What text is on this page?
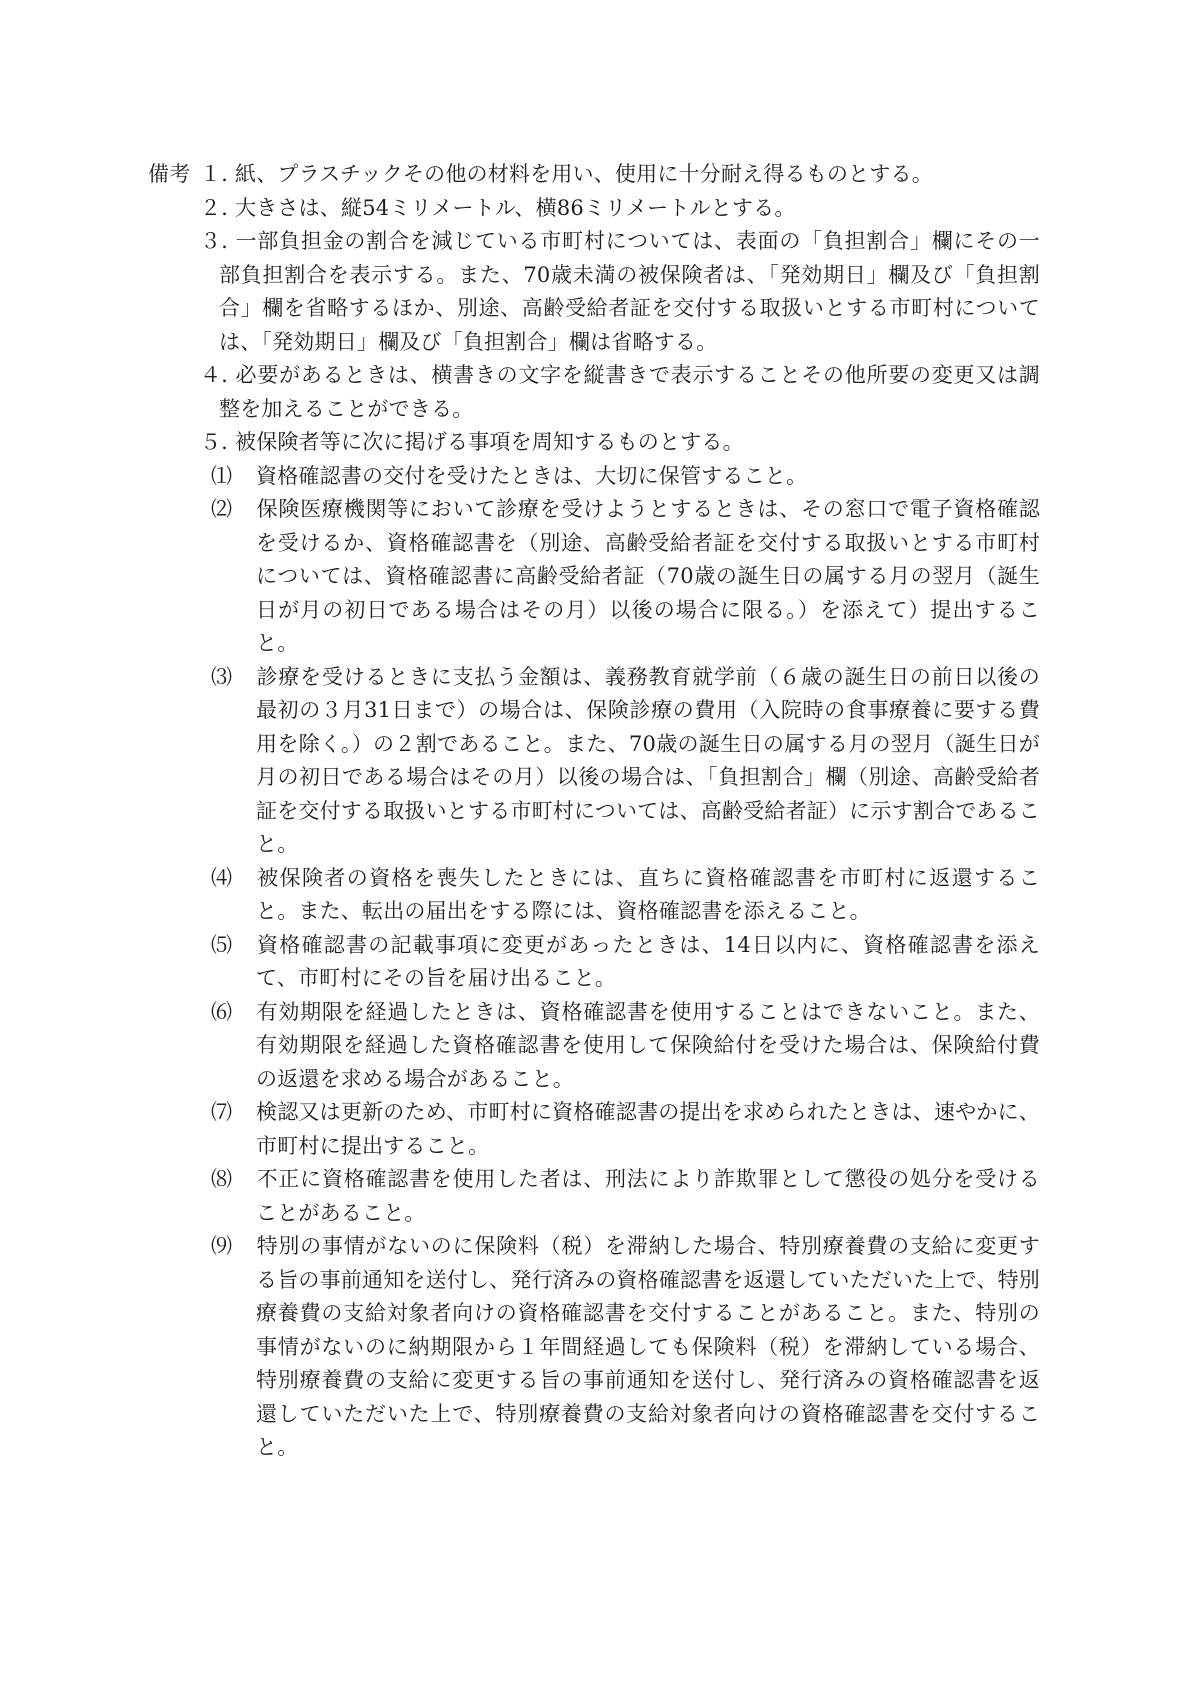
備考 １．紙、プラスチックその他の材料を用い、使用に十分耐え得るものとする。

２．大きさは、縦54ミリメートル、横86ミリメートルとする。

３．一部負担金の割合を減じている市町村については、表面の「負担割合」欄にその一部負担割合を表示する。また、70歳未満の被保険者は、「発効期日」欄及び「負担割合」欄を省略するほか、別途、高齢受給者証を交付する取扱いとする市町村については、「発効期日」欄及び「負担割合」欄は省略する。

４．必要があるときは、横書きの文字を縦書きで表示することその他所要の変更又は調整を加えることができる。

５．被保険者等に次に掲げる事項を周知するものとする。

⑴ 資格確認書の交付を受けたときは、大切に保管すること。

⑵ 保険医療機関等において診療を受けようとするときは、その窓口で電子資格確認を受けるか、資格確認書を（別途、高齢受給者証を交付する取扱いとする市町村については、資格確認書に高齢受給者証（70歳の誕生日の属する月の翌月（誕生日が月の初日である場合はその月）以後の場合に限る。）を添えて）提出すること。

⑶ 診療を受けるときに支払う金額は、義務教育就学前（６歳の誕生日の前日以後の最初の３月31日まで）の場合は、保険診療の費用（入院時の食事療養に要する費用を除く。）の２割であること。また、70歳の誕生日の属する月の翌月（誕生日が月の初日である場合はその月）以後の場合は、「負担割合」欄（別途、高齢受給者証を交付する取扱いとする市町村については、高齢受給者証）に示す割合であること。

⑷ 被保険者の資格を喪失したときには、直ちに資格確認書を市町村に返還すること。また、転出の届出をする際には、資格確認書を添えること。

⑸ 資格確認書の記載事項に変更があったときは、14日以内に、資格確認書を添えて、市町村にその旨を届け出ること。

⑹ 有効期限を経過したときは、資格確認書を使用することはできないこと。また、有効期限を経過した資格確認書を使用して保険給付を受けた場合は、保険給付費の返還を求める場合があること。

⑺ 検認又は更新のため、市町村に資格確認書の提出を求められたときは、速やかに、市町村に提出すること。

⑻ 不正に資格確認書を使用した者は、刑法により詐欺罪として懲役の処分を受けることがあること。

⑼ 特別の事情がないのに保険料（税）を滞納した場合、特別療養費の支給に変更する旨の事前通知を送付し、発行済みの資格確認書を返還していただいた上で、特別療養費の支給対象者向けの資格確認書を交付することがあること。また、特別の事情がないのに納期限から１年間経過しても保険料（税）を滞納している場合、特別療養費の支給に変更する旨の事前通知を送付し、発行済みの資格確認書を返還していただいた上で、特別療養費の支給対象者向けの資格確認書を交付すること。
